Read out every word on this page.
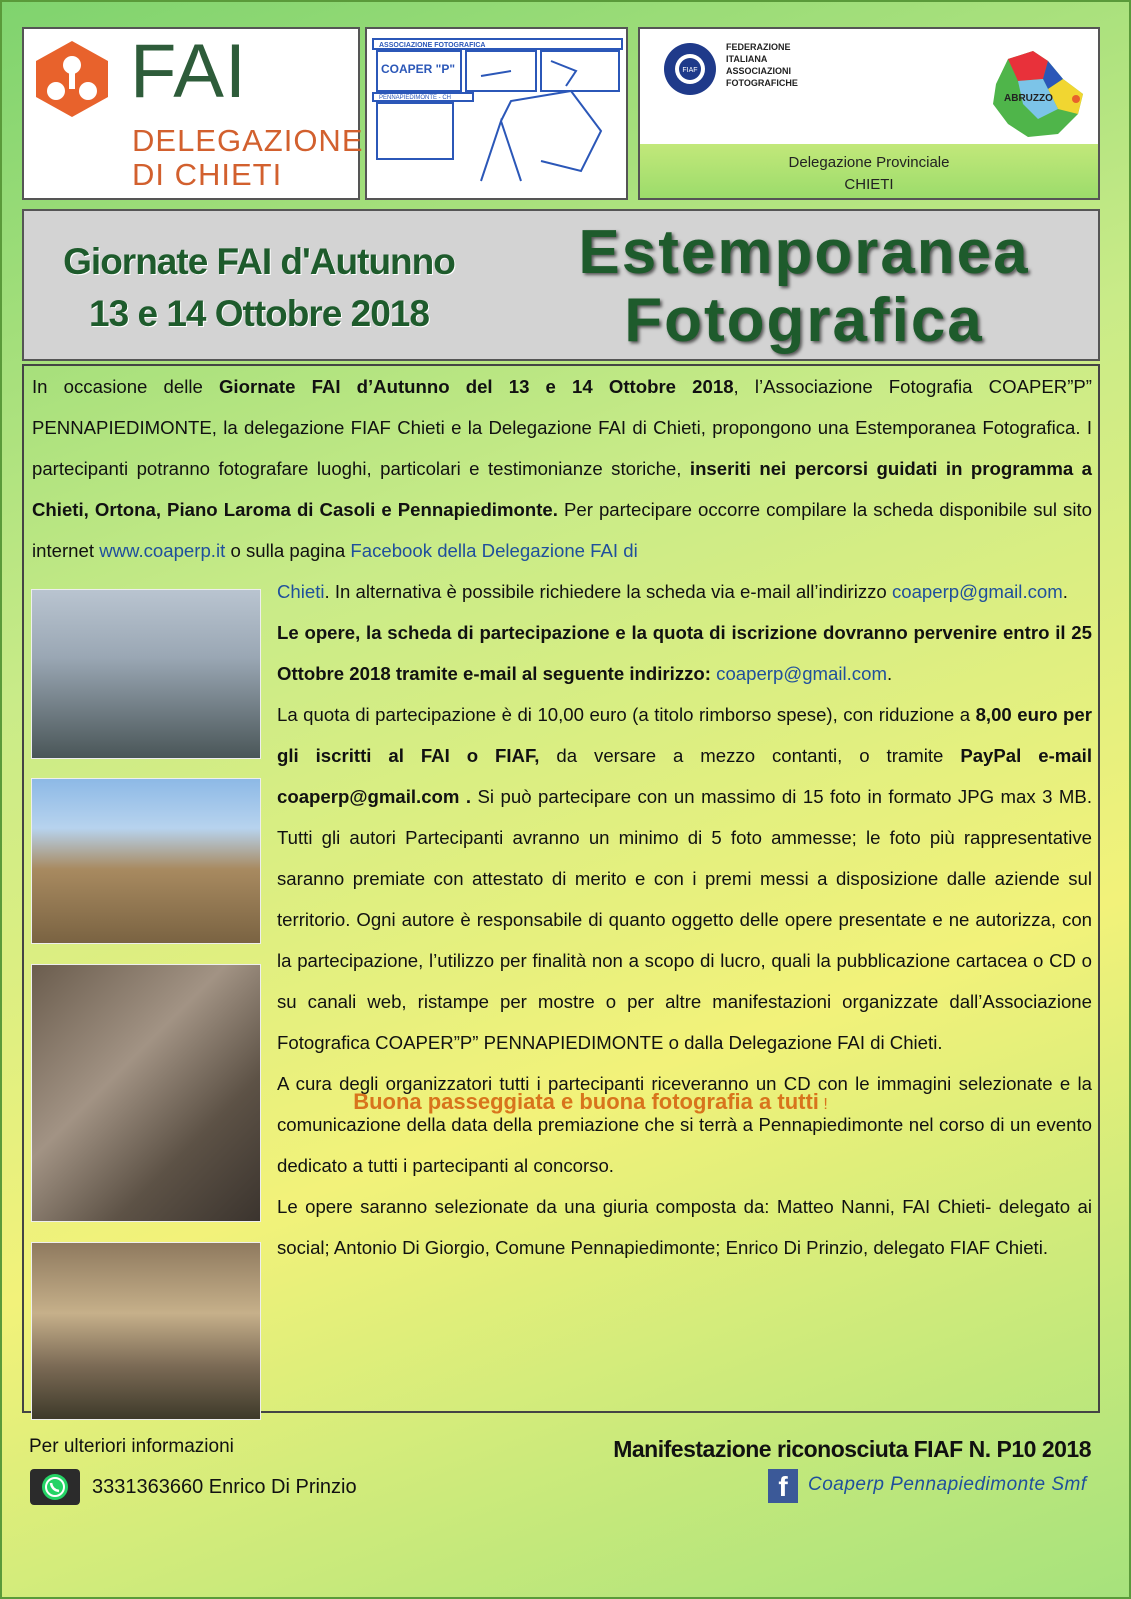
FAI
DELEGAZIONE
DI CHIETI
ASSOCIAZIONE FOTOGRAFICA
COAPER "P"
PENNAPIEDIMONTE - CH
FIAF
FEDERAZIONE
ITALIANA
ASSOCIAZIONI
FOTOGRAFICHE
ABRUZZO
Delegazione Provinciale
CHIETI
Giornate FAI d'Autunno
13 e 14 Ottobre 2018
Estemporanea
Fotografica
In occasione delle Giornate FAI d’Autunno del 13 e 14 Ottobre 2018, l’Associazione Fotografia COAPER”P” PENNAPIEDIMONTE, la delegazione FIAF Chieti e la Delegazione FAI di Chieti, propongono una Estemporanea Fotografica. I partecipanti potranno fotografare luoghi, particolari e testimonianze storiche, inseriti nei percorsi guidati in programma a Chieti, Ortona, Piano Laroma di Casoli e Pennapiedimonte. Per partecipare occorre compilare la scheda disponibile sul sito internet www.coaperp.it o sulla pagina Facebook della Delegazione FAI di
Chieti. In alternativa è possibile richiedere la scheda via e-mail all’indirizzo coaperp@gmail.com.
Le opere, la scheda di partecipazione e la quota di iscrizione dovranno pervenire entro il 25 Ottobre 2018 tramite e-mail al seguente indirizzo: coaperp@gmail.com.
La quota di partecipazione è di 10,00 euro (a titolo rimborso spese), con riduzione a 8,00 euro per gli iscritti al FAI o FIAF, da versare a mezzo contanti, o tramite PayPal e-mail coaperp@gmail.com . Si può partecipare con un massimo di 15 foto in formato JPG max 3 MB. Tutti gli autori Partecipanti avranno un minimo di 5 foto ammesse; le foto più rappresentative saranno premiate con attestato di merito e con i premi messi a disposizione dalle aziende sul territorio. Ogni autore è responsabile di quanto oggetto delle opere presentate e ne autorizza, con la partecipazione, l’utilizzo per finalità non a scopo di lucro, quali la pubblicazione cartacea o CD o su canali web, ristampe per mostre o per altre manifestazioni organizzate dall’Associazione Fotografica COAPER”P” PENNAPIEDIMONTE o dalla Delegazione FAI di Chieti.
A cura degli organizzatori tutti i partecipanti riceveranno un CD con le immagini selezionate e la comunicazione della data della premiazione che si terrà a Pennapiedimonte nel corso di un evento dedicato a tutti i partecipanti al concorso.
Le opere saranno selezionate da una giuria composta da: Matteo Nanni, FAI Chieti- delegato ai social; Antonio Di Giorgio, Comune Pennapiedimonte; Enrico Di Prinzio, delegato FIAF Chieti.
Buona passeggiata e buona fotografia a tutti !
Per ulteriori informazioni
3331363660 Enrico Di Prinzio
Manifestazione riconosciuta FIAF N. P10 2018
f	Coaperp Pennapiedimonte Smf
